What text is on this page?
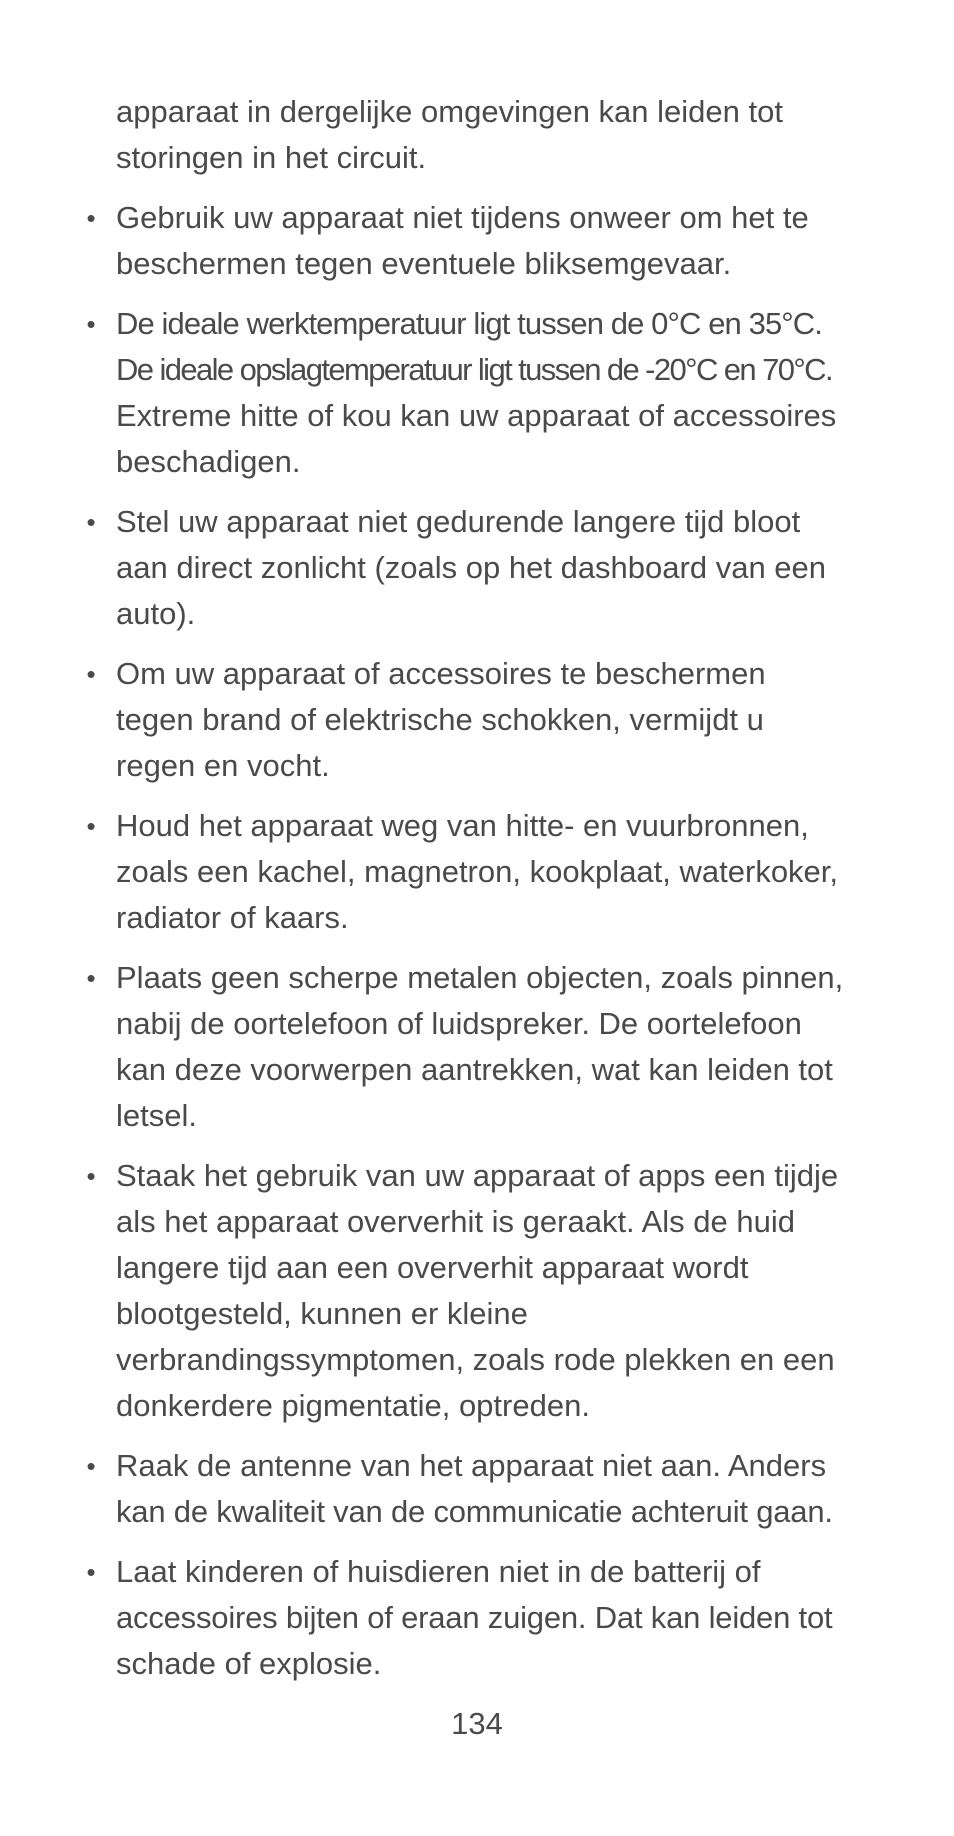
apparaat in dergelijke omgevingen kan leiden tot
storingen in het circuit.

• Gebruik uw apparaat niet tijdens onweer om het te
beschermen tegen eventuele bliksemgevaar.
• De ideale werktemperatuur ligt tussen de 0°C en 35°C.
De ideale opslagtemperatuur ligt tussen de -20°C en 70°C.
Extreme hitte of kou kan uw apparaat of accessoires
beschadigen.
• Stel uw apparaat niet gedurende langere tijd bloot
aan direct zonlicht (zoals op het dashboard van een
auto).
• Om uw apparaat of accessoires te beschermen
tegen brand of elektrische schokken, vermijdt u
regen en vocht.
• Houd het apparaat weg van hitte- en vuurbronnen,
zoals een kachel, magnetron, kookplaat, waterkoker,
radiator of kaars.
• Plaats geen scherpe metalen objecten, zoals pinnen,
nabij de oortelefoon of luidspreker. De oortelefoon
kan deze voorwerpen aantrekken, wat kan leiden tot
letsel.
• Staak het gebruik van uw apparaat of apps een tijdje
als het apparaat oververhit is geraakt. Als de huid
langere tijd aan een oververhit apparaat wordt
blootgesteld, kunnen er kleine
verbrandingssymptomen, zoals rode plekken en een
donkerdere pigmentatie, optreden.
• Raak de antenne van het apparaat niet aan. Anders
kan de kwaliteit van de communicatie achteruit gaan.
• Laat kinderen of huisdieren niet in de batterij of
accessoires bijten of eraan zuigen. Dat kan leiden tot
schade of explosie.
134
